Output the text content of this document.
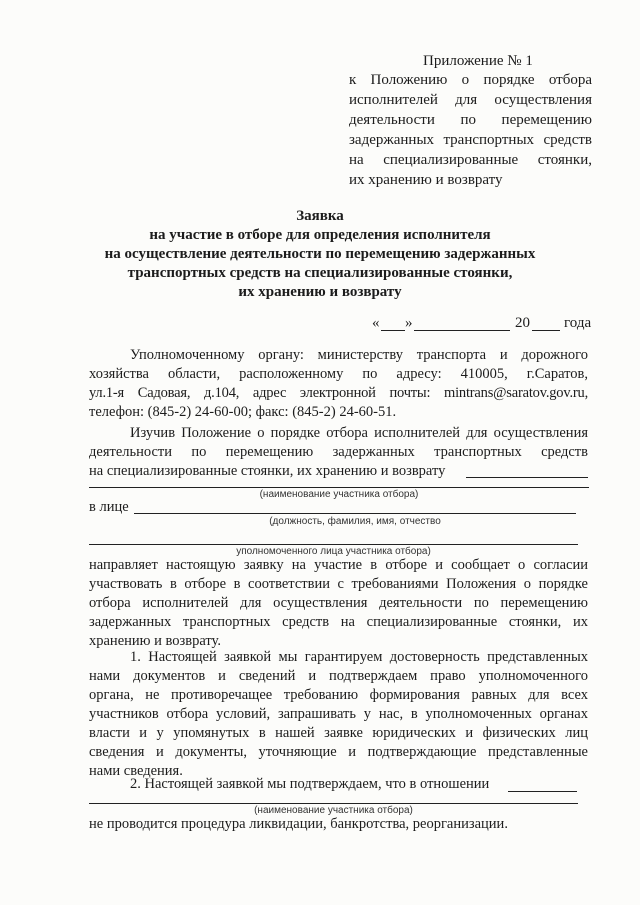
Приложение № 1
к Положению о порядке отбора
исполнителей для осуществления
деятельности по перемещению
задержанных транспортных средств
на специализированные стоянки,
их хранению и возврату
Заявка
на участие в отборе для определения исполнителя
на осуществление деятельности по перемещению задержанных
транспортных средств на специализированные стоянки,
их хранению и возврату
« »	20 года
Уполномоченному органу: министерству транспорта и дорожного
хозяйства области, расположенному по адресу: 410005, г.Саратов,
ул.1-я Садовая, д.104, адрес электронной почты: mintrans@saratov.gov.ru,
телефон: (845-2) 24-60-00; факс: (845-2) 24-60-51.
Изучив Положение о порядке отбора исполнителей для осуществления
деятельности по перемещению задержанных транспортных средств
на специализированные стоянки, их хранению и возврату
(наименование участника отбора)
в лице
(должность, фамилия, имя, отчество
уполномоченного лица участника отбора)
направляет настоящую заявку на участие в отборе и сообщает о согласии
участвовать в отборе в соответствии с требованиями Положения о порядке
отбора исполнителей для осуществления деятельности по перемещению
задержанных транспортных средств на специализированные стоянки, их
хранению и возврату.
1. Настоящей заявкой мы гарантируем достоверность представленных
нами документов и сведений и подтверждаем право уполномоченного
органа, не противоречащее требованию формирования равных для всех
участников отбора условий, запрашивать у нас, в уполномоченных органах
власти и у упомянутых в нашей заявке юридических и физических лиц
сведения и документы, уточняющие и подтверждающие представленные
нами сведения.
2. Настоящей заявкой мы подтверждаем, что в отношении
(наименование участника отбора)
не проводится процедура ликвидации, банкротства, реорганизации.
